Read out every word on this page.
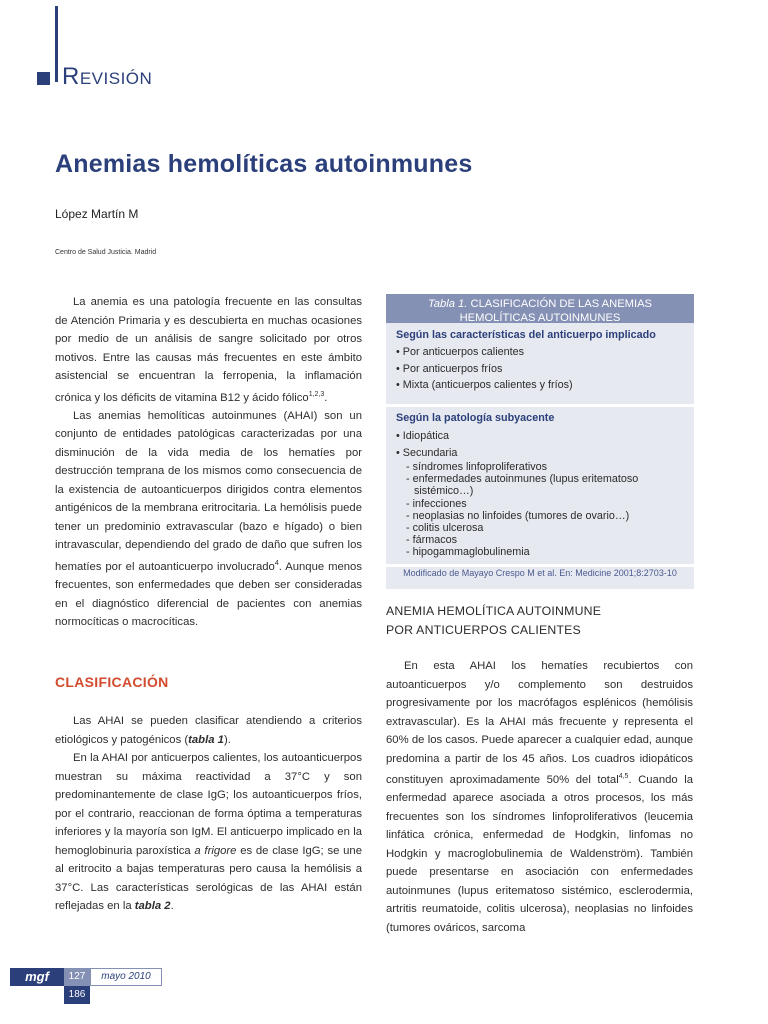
REVISIÓN
Anemias hemolíticas autoinmunes
López Martín M
Centro de Salud Justicia. Madrid

La anemia es una patología frecuente en las consultas de Atención Primaria y es descubierta en muchas ocasiones por medio de un análisis de sangre solicitado por otros motivos. Entre las causas más frecuentes en este ámbito asistencial se encuentran la ferropenia, la inflamación crónica y los déficits de vitamina B12 y ácido fólico$^{1,2,3}$.

Las anemias hemolíticas autoinmunes (AHAI) son un conjunto de entidades patológicas caracterizadas por una disminución de la vida media de los hematíes por destrucción temprana de los mismos como consecuencia de la existencia de autoanticuerpos dirigidos contra elementos antigénicos de la membrana eritrocitaria. La hemólisis puede tener un predominio extravascular (bazo e hígado) o bien intravascular, dependiendo del grado de daño que sufren los hematíes por el autoanticuerpo involucrado$^4$. Aunque menos frecuentes, son enfermedades que deben ser consideradas en el diagnóstico diferencial de pacientes con anemias normocíticas o macrocíticas.

CLASIFICACIÓN

Las AHAI se pueden clasificar atendiendo a criterios etiológicos y patogénicos (tabla 1).

En la AHAI por anticuerpos calientes, los autoanticuerpos muestran su máxima reactividad a 37°C y son predominantemente de clase IgG; los autoanticuerpos fríos, por el contrario, reaccionan de forma óptima a temperaturas inferiores y la mayoría son IgM. El anticuerpo implicado en la hemoglobinuria paroxística a frigore es de clase IgG; se une al eritrocito a bajas temperaturas pero causa la hemólisis a 37°C. Las características serológicas de las AHAI están reflejadas en la tabla 2.

Tabla 1. CLASIFICACIÓN DE LAS ANEMIAS HEMOLÍTICAS AUTOINMUNES
Según las características del anticuerpo implicado
• Por anticuerpos calientes
• Por anticuerpos fríos
• Mixta (anticuerpos calientes y fríos)
Según la patología subyacente
• Idiopática
• Secundaria
- síndromes linfoproliferativos
- enfermedades autoinmunes (lupus eritematoso
sistémico…)
- infecciones
- neoplasias no linfoides (tumores de ovario…)
- colitis ulcerosa
- fármacos
- hipogammaglobulinemia
Modificado de Mayayo Crespo M et al. En: Medicine 2001;8:2703-10
ANEMIA HEMOLÍTICA AUTOINMUNE
POR ANTICUERPOS CALIENTES

En esta AHAI los hematíes recubiertos con autoanticuerpos y/o complemento son destruidos progresivamente por los macrófagos esplénicos (hemólisis extravascular). Es la AHAI más frecuente y representa el 60% de los casos. Puede aparecer a cualquier edad, aunque predomina a partir de los 45 años. Los cuadros idiopáticos constituyen aproximadamente 50% del total$^{4,5}$. Cuando la enfermedad aparece asociada a otros procesos, los más frecuentes son los síndromes linfoproliferativos (leucemia linfática crónica, enfermedad de Hodgkin, linfomas no Hodgkin y macroglobulinemia de Waldenström). También puede presentarse en asociación con enfermedades autoinmunes (lupus eritematoso sistémico, esclerodermia, artritis reumatoide, colitis ulcerosa), neoplasias no linfoides (tumores ováricos, sarcoma

mgf	127	mayo 2010
186
